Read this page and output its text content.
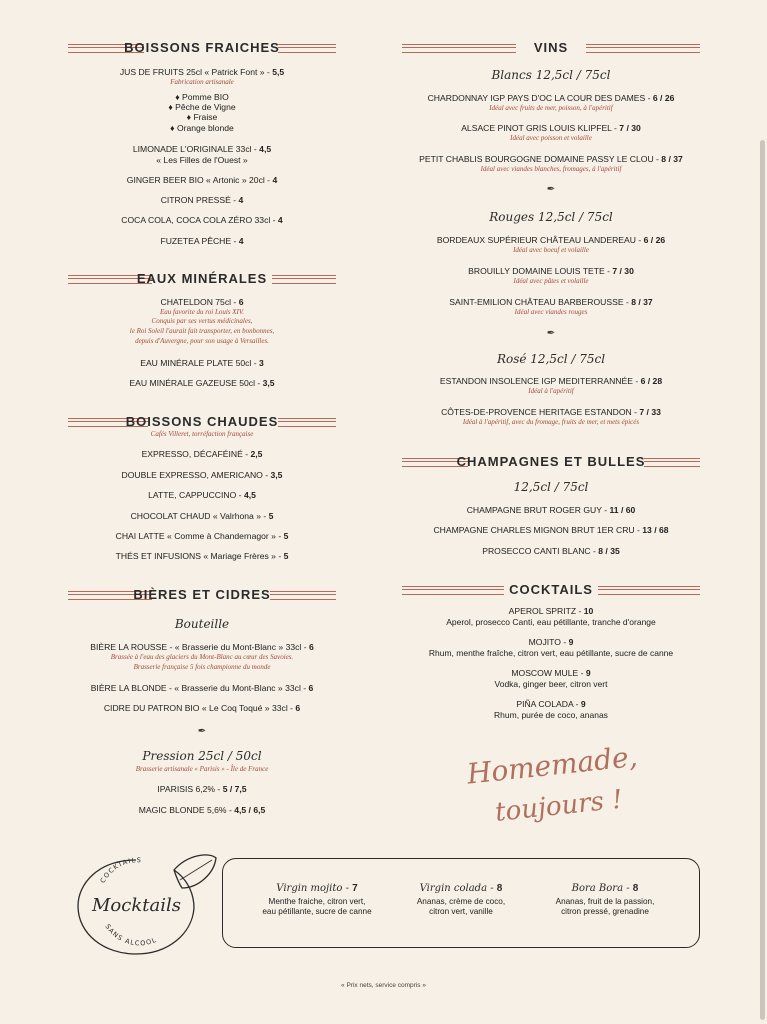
BOISSONS FRAICHES
JUS DE FRUITS 25cl « Patrick Font » - 5,5
Fabrication artisanale
♦ Pomme BIO
♦ Pêche de Vigne
♦ Fraise
♦ Orange blonde
LIMONADE L'ORIGINALE 33cl - 4,5
« Les Filles de l'Ouest »
GINGER BEER BIO « Artonic » 20cl - 4
CITRON PRESSÉ - 4
COCA COLA, COCA COLA ZÉRO 33cl - 4
FUZETEA PÊCHE - 4
EAUX MINÉRALES
CHATELDON 75cl - 6
Eau favorite du roi Louis XIV.
Conquis par ses vertus médicinales,
le Roi Soleil l'aurait fait transporter, en bonbonnes,
depuis d'Auvergne, pour son usage à Versailles.
EAU MINÉRALE PLATE 50cl - 3
EAU MINÉRALE GAZEUSE 50cl - 3,5
BOISSONS CHAUDES
Cafés Villeret, torréfaction française
EXPRESSO, DÉCAFÉINÉ - 2,5
DOUBLE EXPRESSO, AMERICANO - 3,5
LATTE, CAPPUCCINO - 4,5
CHOCOLAT CHAUD « Valrhona » - 5
CHAI LATTE « Comme à Chandernagor » - 5
THÉS ET INFUSIONS « Mariage Frères » - 5
BIÈRES ET CIDRES
Bouteille
BIÈRE LA ROUSSE - « Brasserie du Mont-Blanc » 33cl - 6
Brassée à l'eau des glaciers du Mont-Blanc au cœur des Savoies.
Brasserie française 5 fois championne du monde
BIÈRE LA BLONDE - « Brasserie du Mont-Blanc » 33cl - 6
CIDRE DU PATRON BIO « Le Coq Toqué » 33cl - 6
✒
Pression 25cl / 50cl
Brasserie artisanale « Parisis » - Île de France
IPARISIS 6,2% - 5 / 7,5
MAGIC BLONDE 5,6% - 4,5 / 6,5
VINS
Blancs 12,5cl / 75cl
CHARDONNAY IGP PAYS D'OC LA COUR DES DAMES - 6 / 26
Idéal avec fruits de mer, poisson, à l'apéritif
ALSACE PINOT GRIS LOUIS KLIPFEL - 7 / 30
Idéal avec poisson et volaille
PETIT CHABLIS BOURGOGNE DOMAINE PASSY LE CLOU - 8 / 37
Idéal avec viandes blanches, fromages, à l'apéritif
✒
Rouges 12,5cl / 75cl
BORDEAUX SUPÉRIEUR CHÂTEAU LANDEREAU - 6 / 26
Idéal avec boeuf et volaille
BROUILLY DOMAINE LOUIS TETE - 7 / 30
Idéal avec pâtes et volaille
SAINT-EMILION CHÂTEAU BARBEROUSSE - 8 / 37
Idéal avec viandes rouges
✒
Rosé 12,5cl / 75cl
ESTANDON INSOLENCE IGP MEDITERRANNÉE - 6 / 28
Idéal à l'apéritif
CÔTES-DE-PROVENCE HERITAGE ESTANDON - 7 / 33
Idéal à l'apéritif, avec du fromage, fruits de mer, et mets épicés
CHAMPAGNES ET BULLES
12,5cl / 75cl
CHAMPAGNE BRUT ROGER GUY - 11 / 60
CHAMPAGNE CHARLES MIGNON BRUT 1ER CRU - 13 / 68
PROSECCO CANTI BLANC - 8 / 35
COCKTAILS
APEROL SPRITZ - 10
Aperol, prosecco Canti, eau pétillante, tranche d'orange
MOJITO - 9
Rhum, menthe fraîche, citron vert, eau pétillante, sucre de canne
MOSCOW MULE - 9
Vodka, ginger beer, citron vert
PIÑA COLADA - 9
Rhum, purée de coco, ananas
Homemade,
toujours !
COCKTAILS
Mocktails
SANS ALCOOL
Virgin mojito - 7
Menthe fraiche, citron vert,
eau pétillante, sucre de canne
Virgin colada - 8
Ananas, crème de coco,
citron vert, vanille
Bora Bora - 8
Ananas, fruit de la passion,
citron pressé, grenadine
« Prix nets, service compris »
